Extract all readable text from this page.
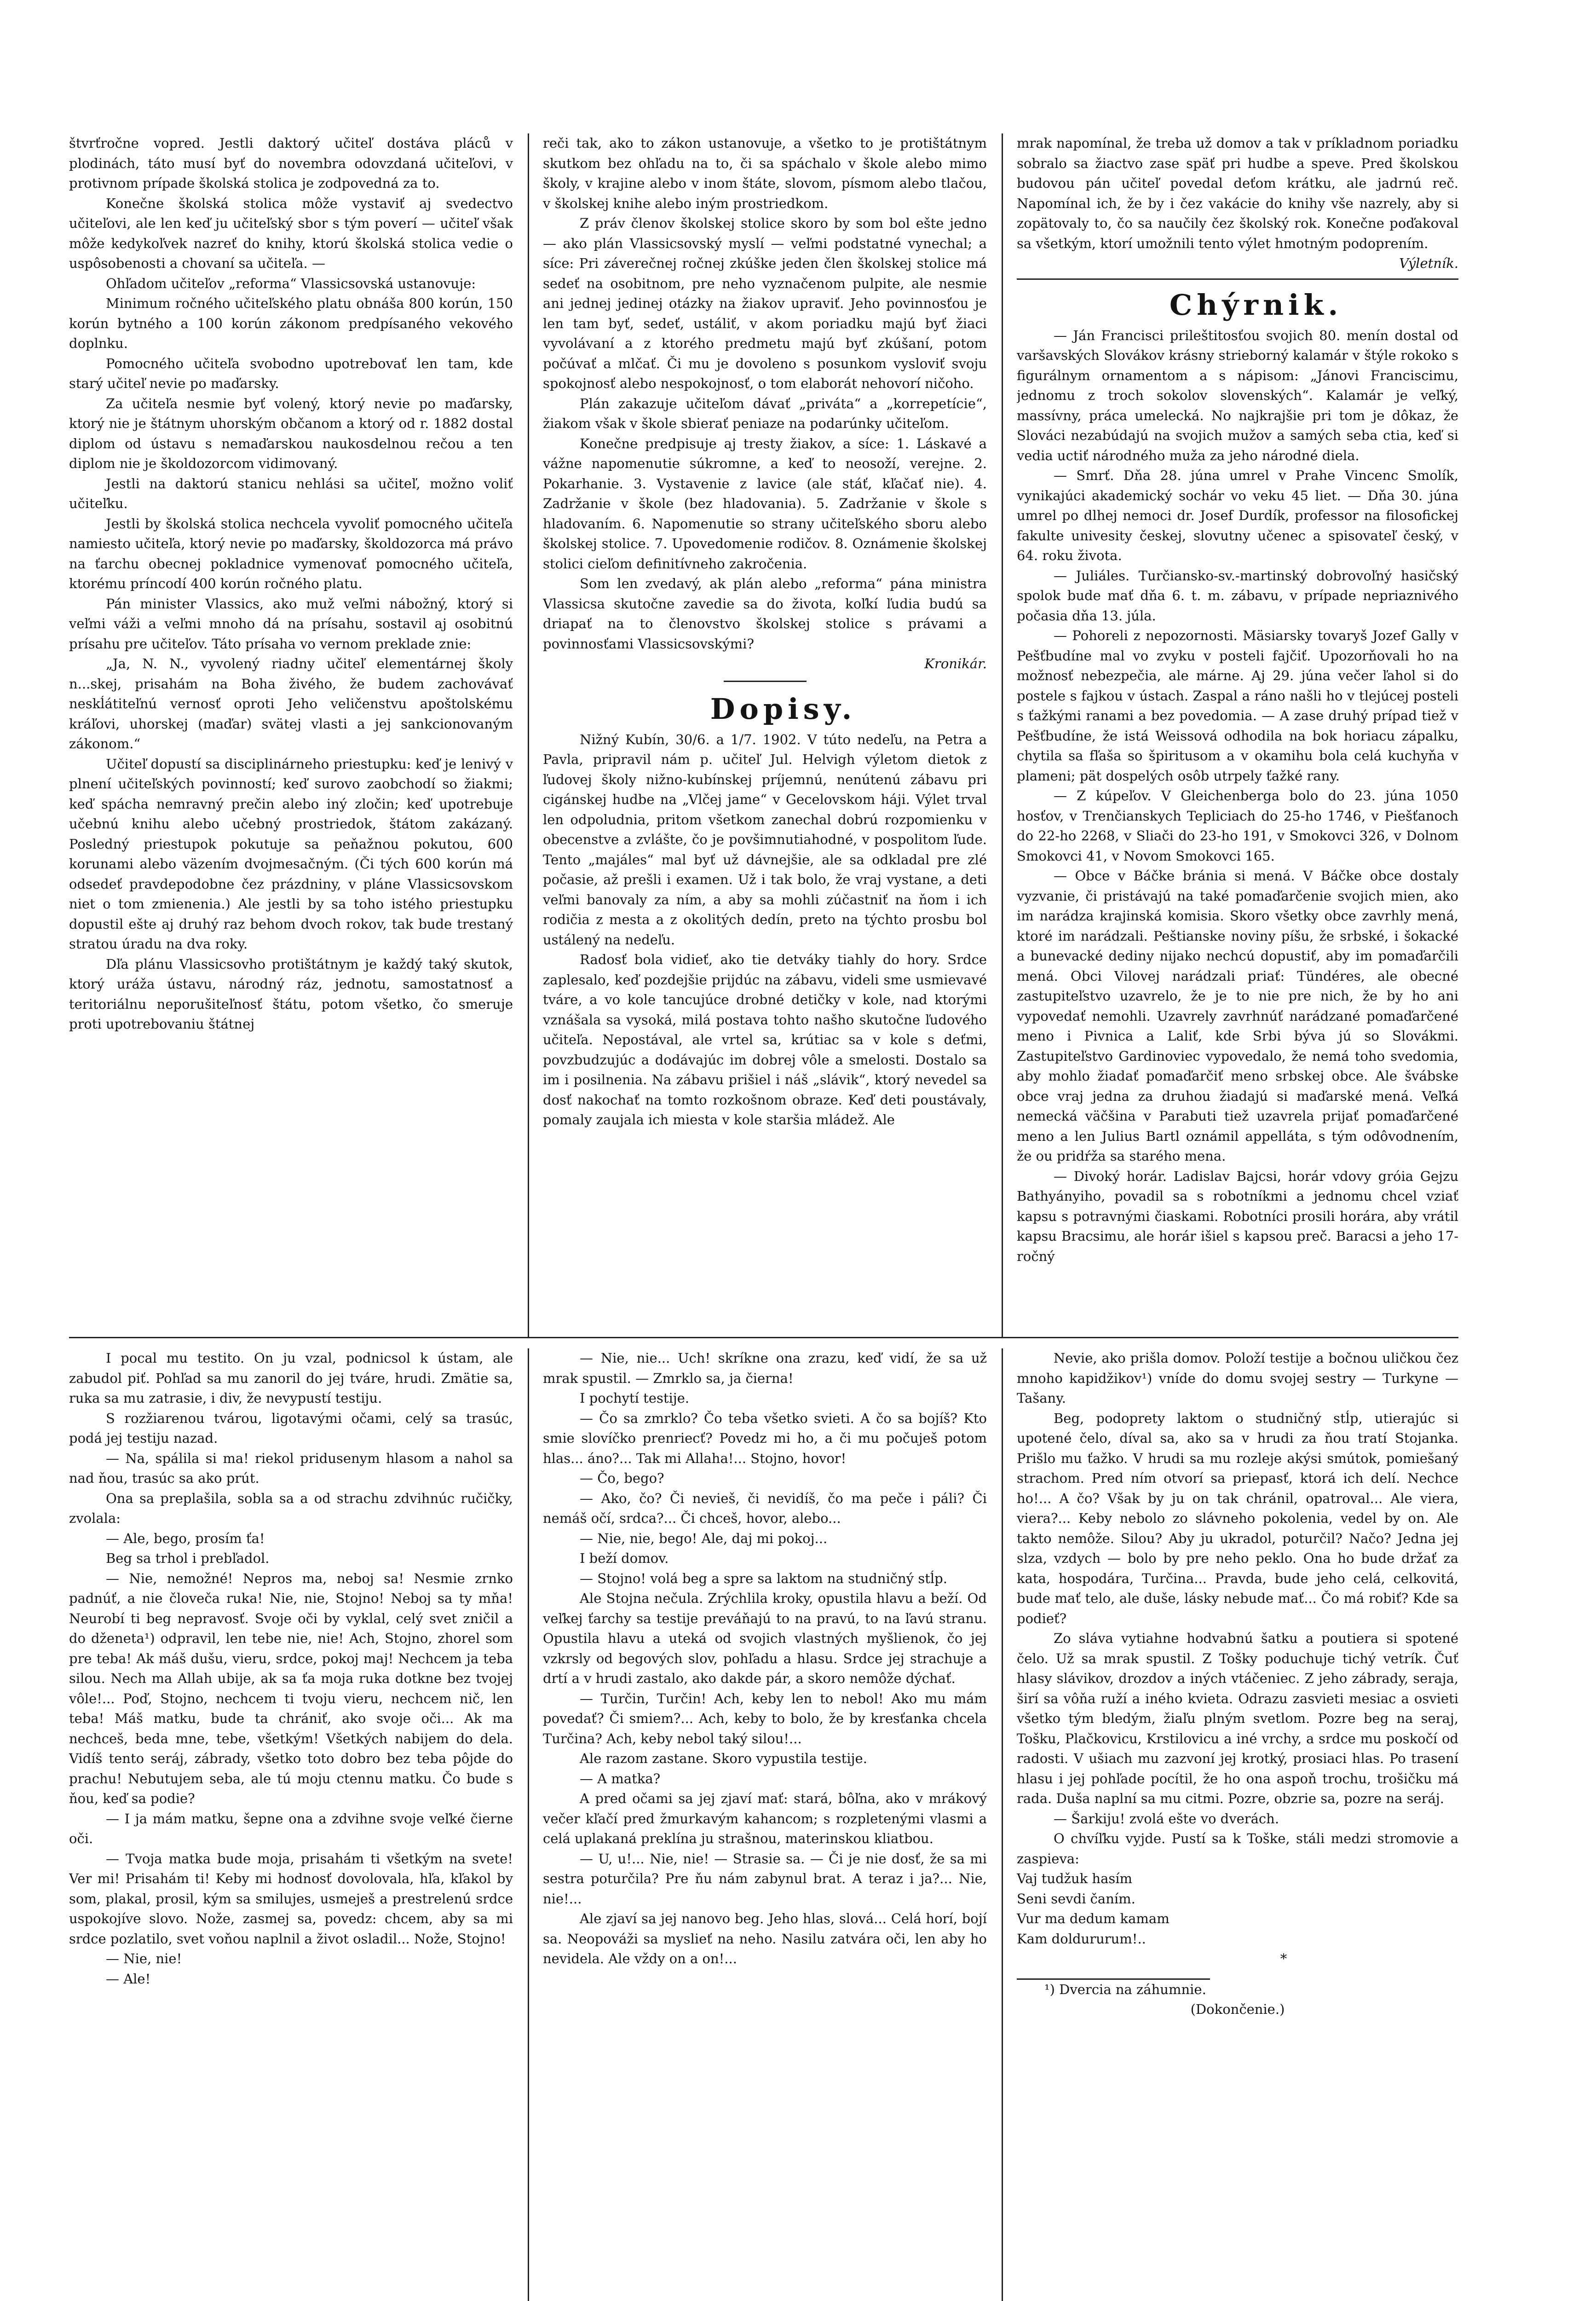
štvrťročne vopred. Jestli daktorý učiteľ dostáva pláců v plodinách, táto musí byť do novembra odovzdaná učiteľovi, v protivnom prípade školská stolica je zodpovedná za to.

Konečne školská stolica môže vystaviť aj svedectvo učiteľovi, ale len keď ju učiteľský sbor s tým poverí — učiteľ však môže kedykoľvek nazreť do knihy, ktorú školská stolica vedie o uspôsobenosti a chovaní sa učiteľa. —

Ohľadom učiteľov „reforma“ Vlassicsovská ustanovuje:

Minimum ročného učiteľského platu obnáša 800 korún, 150 korún bytného a 100 korún zákonom predpísaného vekového doplnku.

Pomocného učiteľa svobodno upotrebovať len tam, kde starý učiteľ nevie po maďarsky.

Za učiteľa nesmie byť volený, ktorý nevie po maďarsky, ktorý nie je štátnym uhorským občanom a ktorý od r. 1882 dostal diplom od ústavu s nemaďarskou naukosdelnou rečou a ten diplom nie je školdozorcom vidimovaný.

Jestli na daktorú stanicu nehlási sa učiteľ, možno voliť učiteľku.

Jestli by školská stolica nechcela vyvoliť pomocného učiteľa namiesto učiteľa, ktorý nevie po maďarsky, školdozorca má právo na ťarchu obecnej pokladnice vymenovať pomocného učiteľa, ktorému príncodí 400 korún ročného platu.

Pán minister Vlassics, ako muž veľmi nábožný, ktorý si veľmi váži a veľmi mnoho dá na prísahu, sostavil aj osobitnú prísahu pre učiteľov. Táto prísaha vo vernom preklade znie:

„Ja, N. N., vyvolený riadny učiteľ elementárnej školy n...skej, prisahám na Boha živého, že budem zachovávať neskĺátiteľnú vernosť oproti Jeho veličenstvu apoštolskému kráľovi, uhorskej (maďar) svätej vlasti a jej sankcionovaným zákonom.“

Učiteľ dopustí sa disciplinárneho priestupku: keď je lenivý v plnení učiteľských povinností; keď surovo zaobchodí so žiakmi; keď spácha nemravný prečin alebo iný zločin; keď upotrebuje učebnú knihu alebo učebný prostriedok, štátom zakázaný. Posledný priestupok pokutuje sa peňažnou pokutou, 600 korunami alebo väzením dvojmesačným. (Či tých 600 korún má odsedeť pravdepodobne čez prázdniny, v pláne Vlassicsovskom niet o tom zmienenia.) Ale jestli by sa toho istého priestupku dopustil ešte aj druhý raz behom dvoch rokov, tak bude trestaný stratou úradu na dva roky.

Dľa plánu Vlassicsovho protištátnym je každý taký skutok, ktorý uráža ústavu, národný ráz, jednotu, samostatnosť a teritoriálnu neporušiteľnosť štátu, potom všetko, čo smeruje proti upotrebovaniu štátnej

reči tak, ako to zákon ustanovuje, a všetko to je protištátnym skutkom bez ohľadu na to, či sa spáchalo v škole alebo mimo školy, v krajine alebo v inom štáte, slovom, písmom alebo tlačou, v školskej knihe alebo iným prostriedkom.

Z práv členov školskej stolice skoro by som bol ešte jedno — ako plán Vlassicsovský myslí — veľmi podstatné vynechal; a síce: Pri záverečnej ročnej zkúške jeden člen školskej stolice má sedeť na osobitnom, pre neho vyznačenom pulpite, ale nesmie ani jednej jedinej otázky na žiakov upraviť. Jeho povinnosťou je len tam byť, sedeť, ustáliť, v akom poriadku majú byť žiaci vyvolávaní a z ktorého predmetu majú byť zkúšaní, potom počúvať a mlčať. Či mu je dovoleno s posunkom vysloviť svoju spokojnosť alebo nespokojnosť, o tom elaborát nehovorí ničoho.

Plán zakazuje učiteľom dávať „priváta“ a „korrepetície“, žiakom však v škole sbierať peniaze na podarúnky učiteľom.

Konečne predpisuje aj tresty žiakov, a síce: 1. Láskavé a vážne napomenutie súkromne, a keď to neosoží, verejne. 2. Pokarhanie. 3. Vystavenie z lavice (ale stáť, kľačať nie). 4. Zadržanie v škole (bez hladovania). 5. Zadržanie v škole s hladovaním. 6. Napomenutie so strany učiteľského sboru alebo školskej stolice. 7. Upovedomenie rodičov. 8. Oznámenie školskej stolici cieľom definitívneho zakročenia.

Som len zvedavý, ak plán alebo „reforma“ pána ministra Vlassicsa skutočne zavedie sa do života, koľkí ľudia budú sa driapať na to členovstvo školskej stolice s právami a povinnosťami Vlassicsovskými?

Kronikár.

Dopisy.

Nižný Kubín, 30/6. a 1/7. 1902. V túto nedeľu, na Petra a Pavla, pripravil nám p. učiteľ Jul. Helvigh výletom dietok z ľudovej školy nižno-kubínskej príjemnú, nenútenú zábavu pri cigánskej hudbe na „Vlčej jame“ v Gecelovskom háji. Výlet trval len odpoludnia, pritom všetkom zanechal dobrú rozpomienku v obecenstve a zvlášte, čo je povšimnutiahodné, v pospolitom ľude. Tento „majáles“ mal byť už dávnejšie, ale sa odkladal pre zlé počasie, až prešli i examen. Už i tak bolo, že vraj vystane, a deti veľmi banovaly za ním, a aby sa mohli zúčastniť na ňom i ich rodičia z mesta a z okolitých dedín, preto na týchto prosbu bol ustálený na nedeľu.

Radosť bola vidieť, ako tie detváky tiahly do hory. Srdce zaplesalo, keď pozdejšie prijdúc na zábavu, videli sme usmievavé tváre, a vo kole tancujúce drobné detičky v kole, nad ktorými vznášala sa vysoká, milá postava tohto našho skutočne ľudového učiteľa. Nepostával, ale vrtel sa, krútiac sa v kole s deťmi, povzbudzujúc a dodávajúc im dobrej vôle a smelosti. Dostalo sa im i posilnenia. Na zábavu prišiel i náš „slávik“, ktorý nevedel sa dosť nakochať na tomto rozkošnom obraze. Keď deti poustávaly, pomaly zaujala ich miesta v kole staršia mládež. Ale

mrak napomínal, že treba už domov a tak v príkladnom poriadku sobralo sa žiactvo zase späť pri hudbe a speve. Pred školskou budovou pán učiteľ povedal deťom krátku, ale jadrnú reč. Napomínal ich, že by i čez vakácie do knihy vše nazrely, aby si zopätovaly to, čo sa naučily čez školský rok. Konečne poďakoval sa všetkým, ktorí umožnili tento výlet hmotným podoprením.

Výletník.

Chýrnik.

— Ján Francisci prileštitosťou svojich 80. menín dostal od varšavských Slovákov krásny strieborný kalamár v štýle rokoko s figurálnym ornamentom a s nápisom: „Jánovi Franciscimu, jednomu z troch sokolov slovenských“. Kalamár je veľký, massívny, práca umelecká. No najkrajšie pri tom je dôkaz, že Slováci nezabúdajú na svojich mužov a samých seba ctia, keď si vedia uctiť národného muža za jeho národné diela.

— Smrť. Dňa 28. júna umrel v Prahe Vincenc Smolík, vynikajúci akademický sochár vo veku 45 liet. — Dňa 30. júna umrel po dlhej nemoci dr. Josef Durdík, professor na filosofickej fakulte univesity českej, slovutny učenec a spisovateľ český, v 64. roku života.

— Juliáles. Turčiansko-sv.-martinský dobrovoľný hasičský spolok bude mať dňa 6. t. m. zábavu, v prípade nepriaznivého počasia dňa 13. júla.

— Pohoreli z nepozornosti. Mäsiarsky tovaryš Jozef Gally v Pešťbudíne mal vo zvyku v posteli fajčiť. Upozorňovali ho na možnosť nebezpečia, ale márne. Aj 29. júna večer ľahol si do postele s fajkou v ústach. Zaspal a ráno našli ho v tlejúcej posteli s ťažkými ranami a bez povedomia. — A zase druhý prípad tiež v Pešťbudíne, že istá Weissová odhodila na bok horiacu zápalku, chytila sa fľaša so špiritusom a v okamihu bola celá kuchyňa v plameni; pät dospelých osôb utrpely ťažké rany.

— Z kúpeľov. V Gleichenberga bolo do 23. júna 1050 hosťov, v Trenčianskych Tepliciach do 25-ho 1746, v Piešťanoch do 22-ho 2268, v Sliači do 23-ho 191, v Smokovci 326, v Dolnom Smokovci 41, v Novom Smokovci 165.

— Obce v Báčke bránia si mená. V Báčke obce dostaly vyzvanie, či pristávajú na také pomaďarčenie svojich mien, ako im narádza krajinská komisia. Skoro všetky obce zavrhly mená, ktoré im narádzali. Peštianske noviny píšu, že srbské, i šokacké a bunevacké dediny nijako nechcú dopustiť, aby im pomaďarčili mená. Obci Vilovej narádzali priať: Tündéres, ale obecné zastupiteľstvo uzavrelo, že je to nie pre nich, že by ho ani vypovedať nemohli. Uzavrely zavrhnúť narádzané pomaďarčené meno i Pivnica a Laliť, kde Srbi býva jú so Slovákmi. Zastupiteľstvo Gardinoviec vypovedalo, že nemá toho svedomia, aby mohlo žiadať pomaďarčiť meno srbskej obce. Ale švábske obce vraj jedna za druhou žiadajú si maďarské mená. Veľká nemecká väčšina v Parabuti tiež uzavrela prijať pomaďarčené meno a len Julius Bartl oznámil appelláta, s tým odôvodnením, že ou pridŕža sa starého mena.

— Divoký horár. Ladislav Bajcsi, horár vdovy gróia Gejzu Bathyányiho, povadil sa s robotníkmi a jednomu chcel vziať kapsu s potravnými čiaskami. Robotníci prosili horára, aby vrátil kapsu Bracsimu, ale horár išiel s kapsou preč. Baracsi a jeho 17-ročný

I pocal mu testito. On ju vzal, podnicsol k ústam, ale zabudol piť. Pohľad sa mu zanoril do jej tváre, hrudi. Zmätie sa, ruka sa mu zatrasie, i div, že nevypustí testiju.

S rozžiarenou tvárou, ligotavými očami, celý sa trasúc, podá jej testiju nazad.

— Na, spálila si ma! riekol pridusenym hlasom a nahol sa nad ňou, trasúc sa ako prút.

Ona sa preplašila, sobla sa a od strachu zdvihnúc ručičky, zvolala:

— Ale, bego, prosím ťa!

Beg sa trhol i prebľadol.

— Nie, nemožné! Nepros ma, neboj sa! Nesmie zrnko padnúť, a nie človeča ruka! Nie, nie, Stojno! Neboj sa ty mňa! Neurobí ti beg nepravosť. Svoje oči by vyklal, celý svet zničil a do dženeta¹) odpravil, len tebe nie, nie! Ach, Stojno, zhorel som pre teba! Ak máš dušu, vieru, srdce, pokoj maj! Nechcem ja teba silou. Nech ma Allah ubije, ak sa ťa moja ruka dotkne bez tvojej vôle!... Poď, Stojno, nechcem ti tvoju vieru, nechcem nič, len teba! Máš matku, bude ta chrániť, ako svoje oči... Ak ma nechceš, beda mne, tebe, všetkým! Všetkých nabijem do dela. Vidíš tento seráj, zábrady, všetko toto dobro bez teba pôjde do prachu! Nebutujem seba, ale tú moju ctennu matku. Čo bude s ňou, keď sa podie?

— I ja mám matku, šepne ona a zdvihne svoje veľké čierne oči.

— Tvoja matka bude moja, prisahám ti všetkým na svete! Ver mi! Prisahám ti! Keby mi hodnosť dovolovala, hľa, kľakol by som, plakal, prosil, kým sa smilujes, usmeješ a prestrelenú srdce uspokojíve slovo. Nože, zasmej sa, povedz: chcem, aby sa mi srdce pozlatilo, svet voňou naplnil a život osladil... Nože, Stojno!

— Nie, nie!

— Ale!

— Nie, nie... Uch! skríkne ona zrazu, keď vidí, že sa už mrak spustil. — Zmrklo sa, ja čierna!

I pochytí testije.

— Čo sa zmrklo? Čo teba všetko svieti. A čo sa bojíš? Kto smie slovíčko prenriecť? Povedz mi ho, a či mu počuješ potom hlas... áno?... Tak mi Allaha!... Stojno, hovor!

— Čo, bego?

— Ako, čo? Či nevieš, či nevidíš, čo ma peče i páli? Či nemáš očí, srdca?... Či chceš, hovor, alebo...

— Nie, nie, bego! Ale, daj mi pokoj...

I beží domov.

— Stojno! volá beg a spre sa laktom na studničný stĺp.

Ale Stojna nečula. Zrýchlila kroky, opustila hlavu a beží. Od veľkej ťarchy sa testije preváňajú to na pravú, to na ľavú stranu. Opustila hlavu a uteká od svojich vlastných myšlienok, čo jej vzkrsly od begových slov, pohľadu a hlasu. Srdce jej strachuje a drtí a v hrudi zastalo, ako dakde pár, a skoro nemôže dýchať.

— Turčin, Turčin! Ach, keby len to nebol! Ako mu mám povedať? Či smiem?... Ach, keby to bolo, že by kresťanka chcela Turčina? Ach, keby nebol taký silou!...

Ale razom zastane. Skoro vypustila testije.

— A matka?

A pred očami sa jej zjaví mať: stará, bôľna, ako v mrákový večer kľačí pred žmurkavým kahancom; s rozpletenými vlasmi a celá uplakaná preklína ju strašnou, materinskou kliatbou.

— U, u!... Nie, nie! — Strasie sa. — Či je nie dosť, že sa mi sestra poturčila? Pre ňu nám zabynul brat. A teraz i ja?... Nie, nie!...

Ale zjaví sa jej nanovo beg. Jeho hlas, slová... Celá horí, bojí sa. Neopováži sa myslieť na neho. Nasilu zatvára oči, len aby ho nevidela. Ale vždy on a on!...

Nevie, ako prišla domov. Položí testije a bočnou uličkou čez mnoho kapidžikov¹) vníde do domu svojej sestry — Turkyne — Tašany.

Beg, podoprety laktom o studničný stĺp, utierajúc si upotené čelo, díval sa, ako sa v hrudi za ňou tratí Stojanka. Prišlo mu ťažko. V hrudi sa mu rozleje akýsi smútok, pomiešaný strachom. Pred ním otvorí sa priepasť, ktorá ich delí. Nechce ho!... A čo? Však by ju on tak chránil, opatroval... Ale viera, viera?... Keby nebolo zo slávneho pokolenia, vedel by on. Ale takto nemôže. Silou? Aby ju ukradol, poturčil? Načo? Jedna jej slza, vzdych — bolo by pre neho peklo. Ona ho bude držať za kata, hospodára, Turčina... Pravda, bude jeho celá, celkovitá, bude mať telo, ale duše, lásky nebude mať... Čo má robiť? Kde sa podieť?

Zo sláva vytiahne hodvabnú šatku a poutiera si spotené čelo. Už sa mrak spustil. Z Tošky poduchuje tichý vetrík. Čuť hlasy slávikov, drozdov a iných vtáčeniec. Z jeho zábrady, seraja, širí sa vôňa ruží a iného kvieta. Odrazu zasvieti mesiac a osvieti všetko tým bledým, žiaľu plným svetlom. Pozre beg na seraj, Tošku, Plačkovicu, Krstilovicu a iné vrchy, a srdce mu poskočí od radosti. V ušiach mu zazvoní jej krotký, prosiaci hlas. Po trasení hlasu i jej pohľade pocítil, že ho ona aspoň trochu, trošičku má rada. Duša naplní sa mu citmi. Pozre, obzrie sa, pozre na seráj.

— Šarkiju! zvolá ešte vo dverách.

O chvíľku vyjde. Pustí sa k Toške, stáli medzi stromovie a zaspieva:

Vaj tudžuk hasím
Seni sevdi čaním.
Vur ma dedum kamam
Kam doldururum!..

*

¹) Dvercia na záhumnie.

(Dokončenie.)
